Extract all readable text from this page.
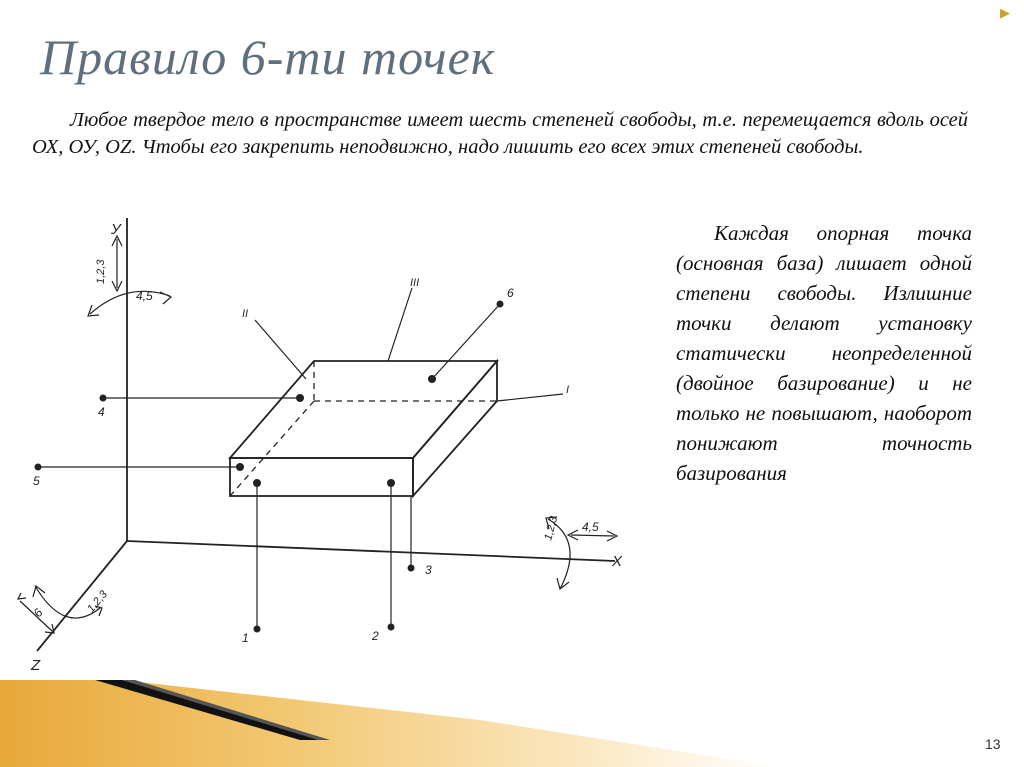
▶
Правило 6-ти точек

Любое твердое тело в пространстве имеет шесть степеней свободы, т.е. перемещается вдоль осей ОХ, ОУ, OZ. Чтобы его закрепить неподвижно, надо лишить его всех этих степеней свободы.

У
Х
Z
1,2,3
4,5
1,2,3 4,5
6	1,2,3
III
II
I
1	2
3
4
5
6

Каждая опорная точка (основная база) лишает одной степени свободы. Излишние точки делают установку статически неопределенной (двойное базирование) и не только не повышают, наоборот понижают точность базирования

13
